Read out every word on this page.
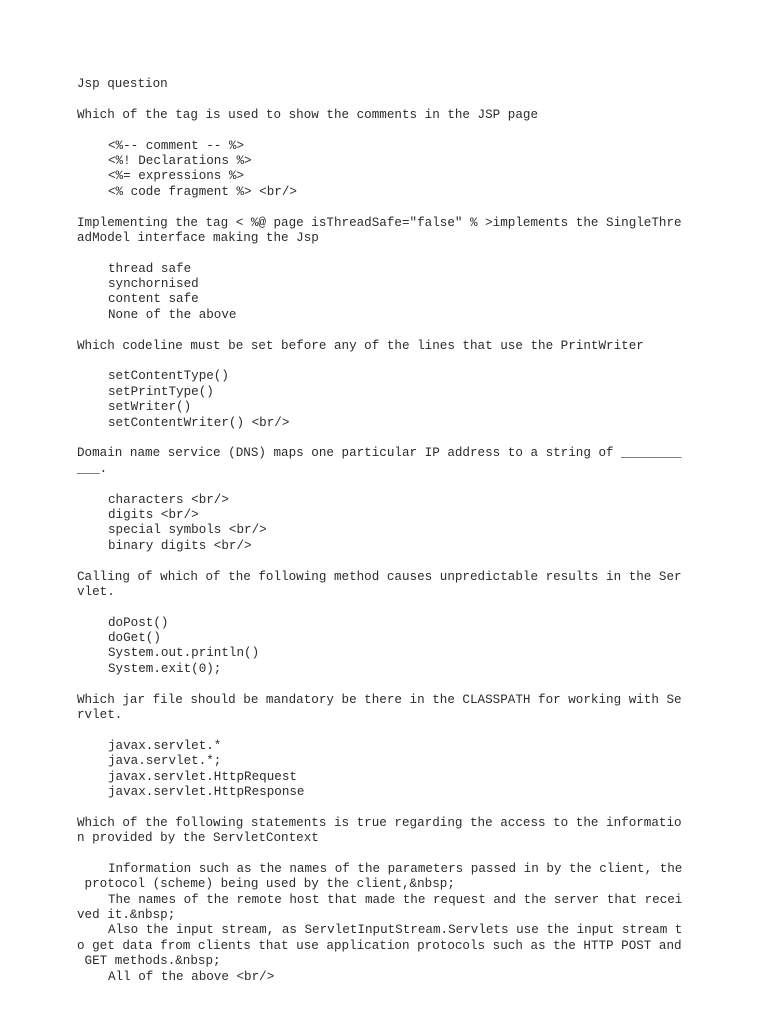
Jsp question
Which of the tag is used to show the comments in the JSP page
<%-- comment -- %>
<%! Declarations %>
<%= expressions %>
<% code fragment %> <br/>
Implementing the tag < %@ page isThreadSafe="false" % >implements the SingleThre
adModel interface making the Jsp
thread safe
synchornised
content safe
None of the above
Which codeline must be set before any of the lines that use the PrintWriter
setContentType()
setPrintType()
setWriter()
setContentWriter() <br/>
Domain name service (DNS) maps one particular IP address to a string of ________
___.
characters <br/>
digits <br/>
special symbols <br/>
binary digits <br/>
Calling of which of the following method causes unpredictable results in the Ser
vlet.
doPost()
doGet()
System.out.println()
System.exit(0);
Which jar file should be mandatory be there in the CLASSPATH for working with Se
rvlet.
javax.servlet.*
java.servlet.*;
javax.servlet.HttpRequest
javax.servlet.HttpResponse
Which of the following statements is true regarding the access to the informatio
n provided by the ServletContext
Information such as the names of the parameters passed in by the client, the
protocol (scheme) being used by the client,&nbsp;
The names of the remote host that made the request and the server that recei
ved it.&nbsp;
Also the input stream, as ServletInputStream.Servlets use the input stream t
o get data from clients that use application protocols such as the HTTP POST and
GET methods.&nbsp;
All of the above <br/>
